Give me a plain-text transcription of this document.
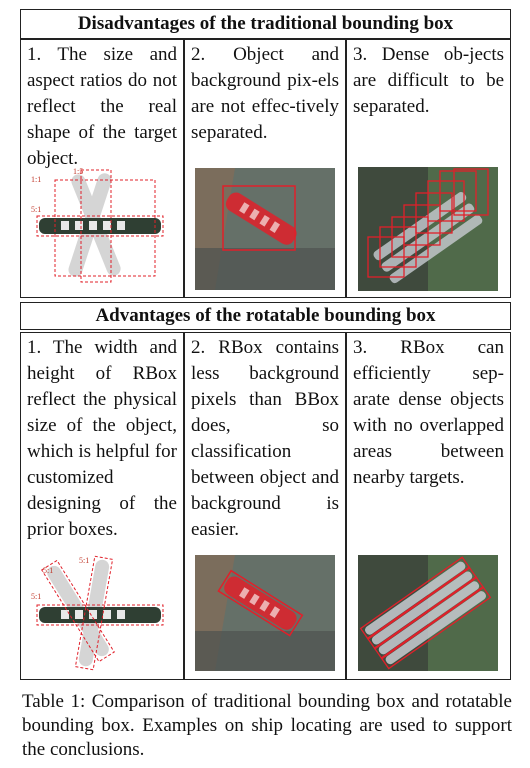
Disadvantages of the traditional bounding box
1. The size and aspect ratios do not reflect the real shape of the target object.
1:1
1:5
5:1
2. Object and background pix-els are not effec-tively separated.
3. Dense ob-jects are difficult to be separated.
Advantages of the rotatable bounding box
1. The width and height of RBox reflect the physical size of the object, which is helpful for customized designing of the prior boxes.
5:1
5:1
5:1
2. RBox contains less background pixels than BBox does, so classification between object and background is easier.
3. RBox can efficiently sep-arate dense objects with no overlapped areas between nearby targets.
Table 1: Comparison of traditional bounding box and rotatable bounding box. Examples on ship locating are used to support the conclusions.
